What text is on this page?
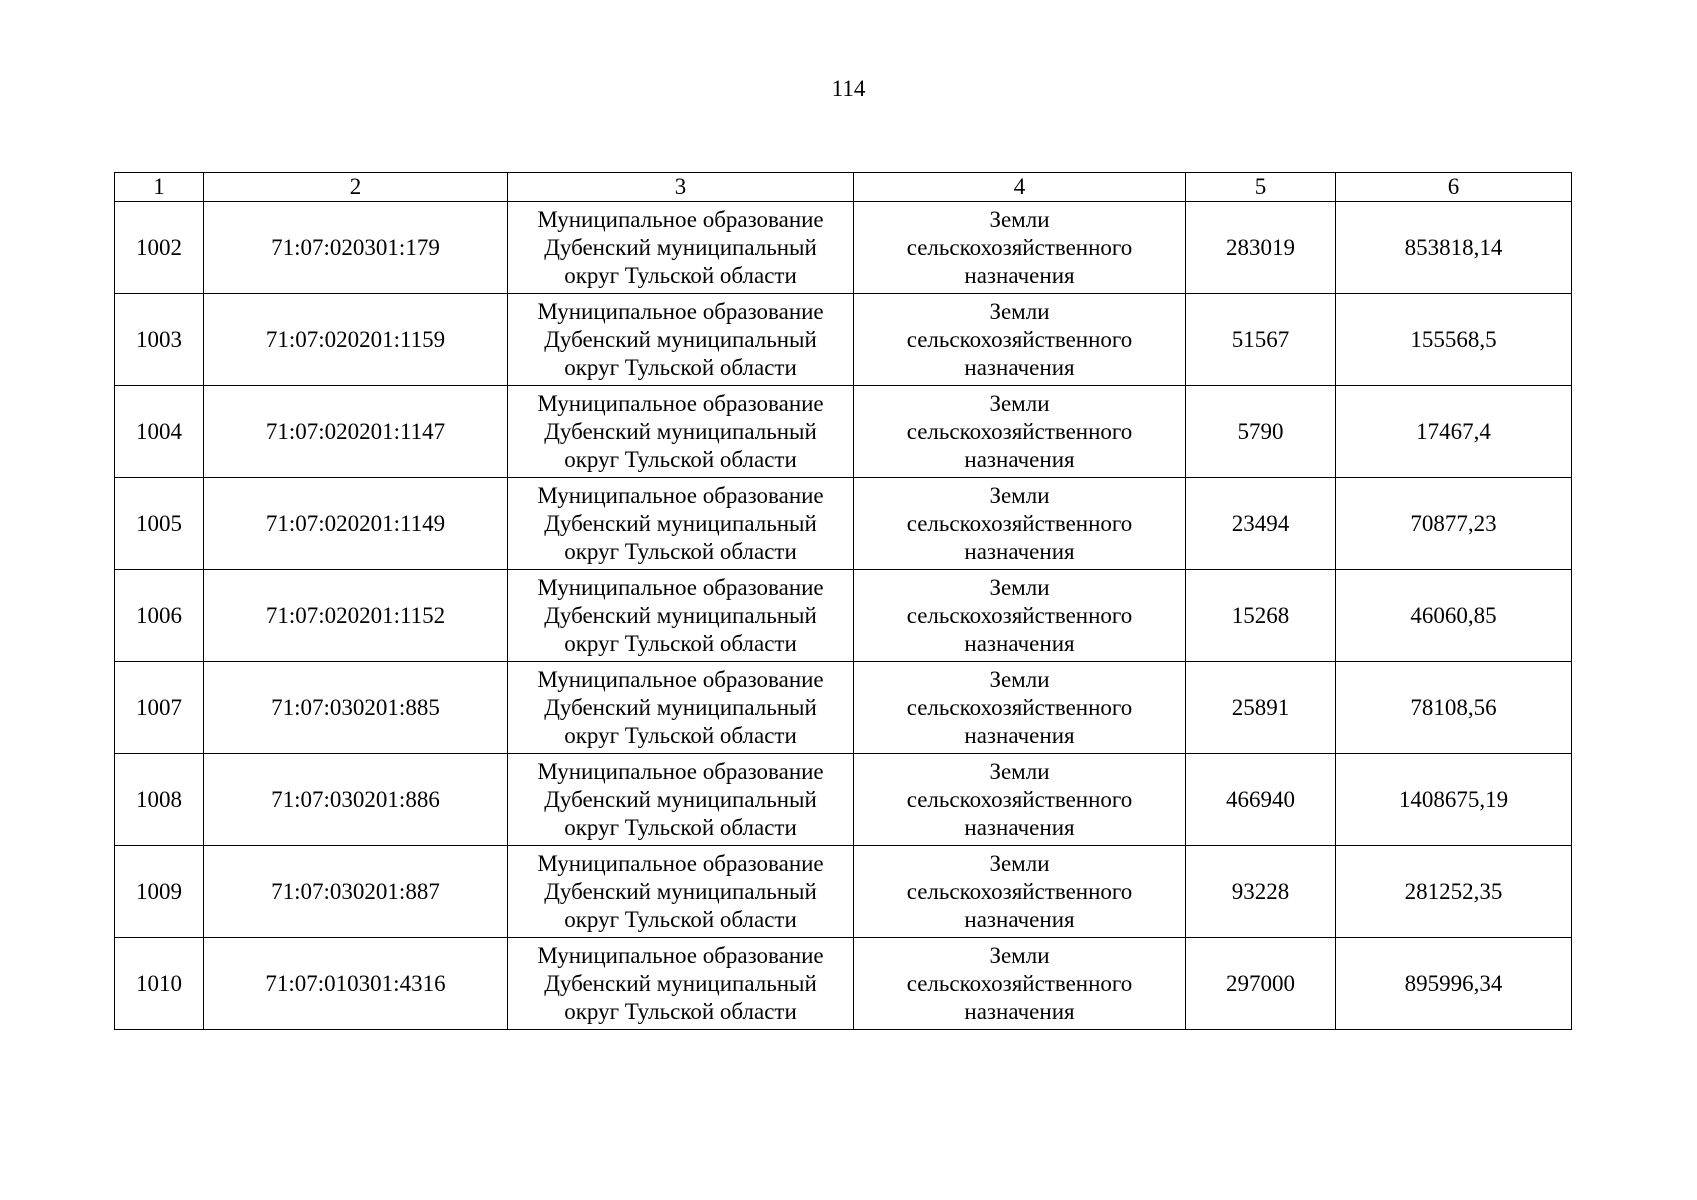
114
1	2	3	4	5	6
1002	71:07:020301:179	Муниципальное образование
Дубенский муниципальный
округ Тульской области	Земли
сельскохозяйственного
назначения	283019	853818,14
1003	71:07:020201:1159	Муниципальное образование
Дубенский муниципальный
округ Тульской области	Земли
сельскохозяйственного
назначения	51567	155568,5
1004	71:07:020201:1147	Муниципальное образование
Дубенский муниципальный
округ Тульской области	Земли
сельскохозяйственного
назначения	5790	17467,4
1005	71:07:020201:1149	Муниципальное образование
Дубенский муниципальный
округ Тульской области	Земли
сельскохозяйственного
назначения	23494	70877,23
1006	71:07:020201:1152	Муниципальное образование
Дубенский муниципальный
округ Тульской области	Земли
сельскохозяйственного
назначения	15268	46060,85
1007	71:07:030201:885	Муниципальное образование
Дубенский муниципальный
округ Тульской области	Земли
сельскохозяйственного
назначения	25891	78108,56
1008	71:07:030201:886	Муниципальное образование
Дубенский муниципальный
округ Тульской области	Земли
сельскохозяйственного
назначения	466940	1408675,19
1009	71:07:030201:887	Муниципальное образование
Дубенский муниципальный
округ Тульской области	Земли
сельскохозяйственного
назначения	93228	281252,35
1010	71:07:010301:4316	Муниципальное образование
Дубенский муниципальный
округ Тульской области	Земли
сельскохозяйственного
назначения	297000	895996,34
